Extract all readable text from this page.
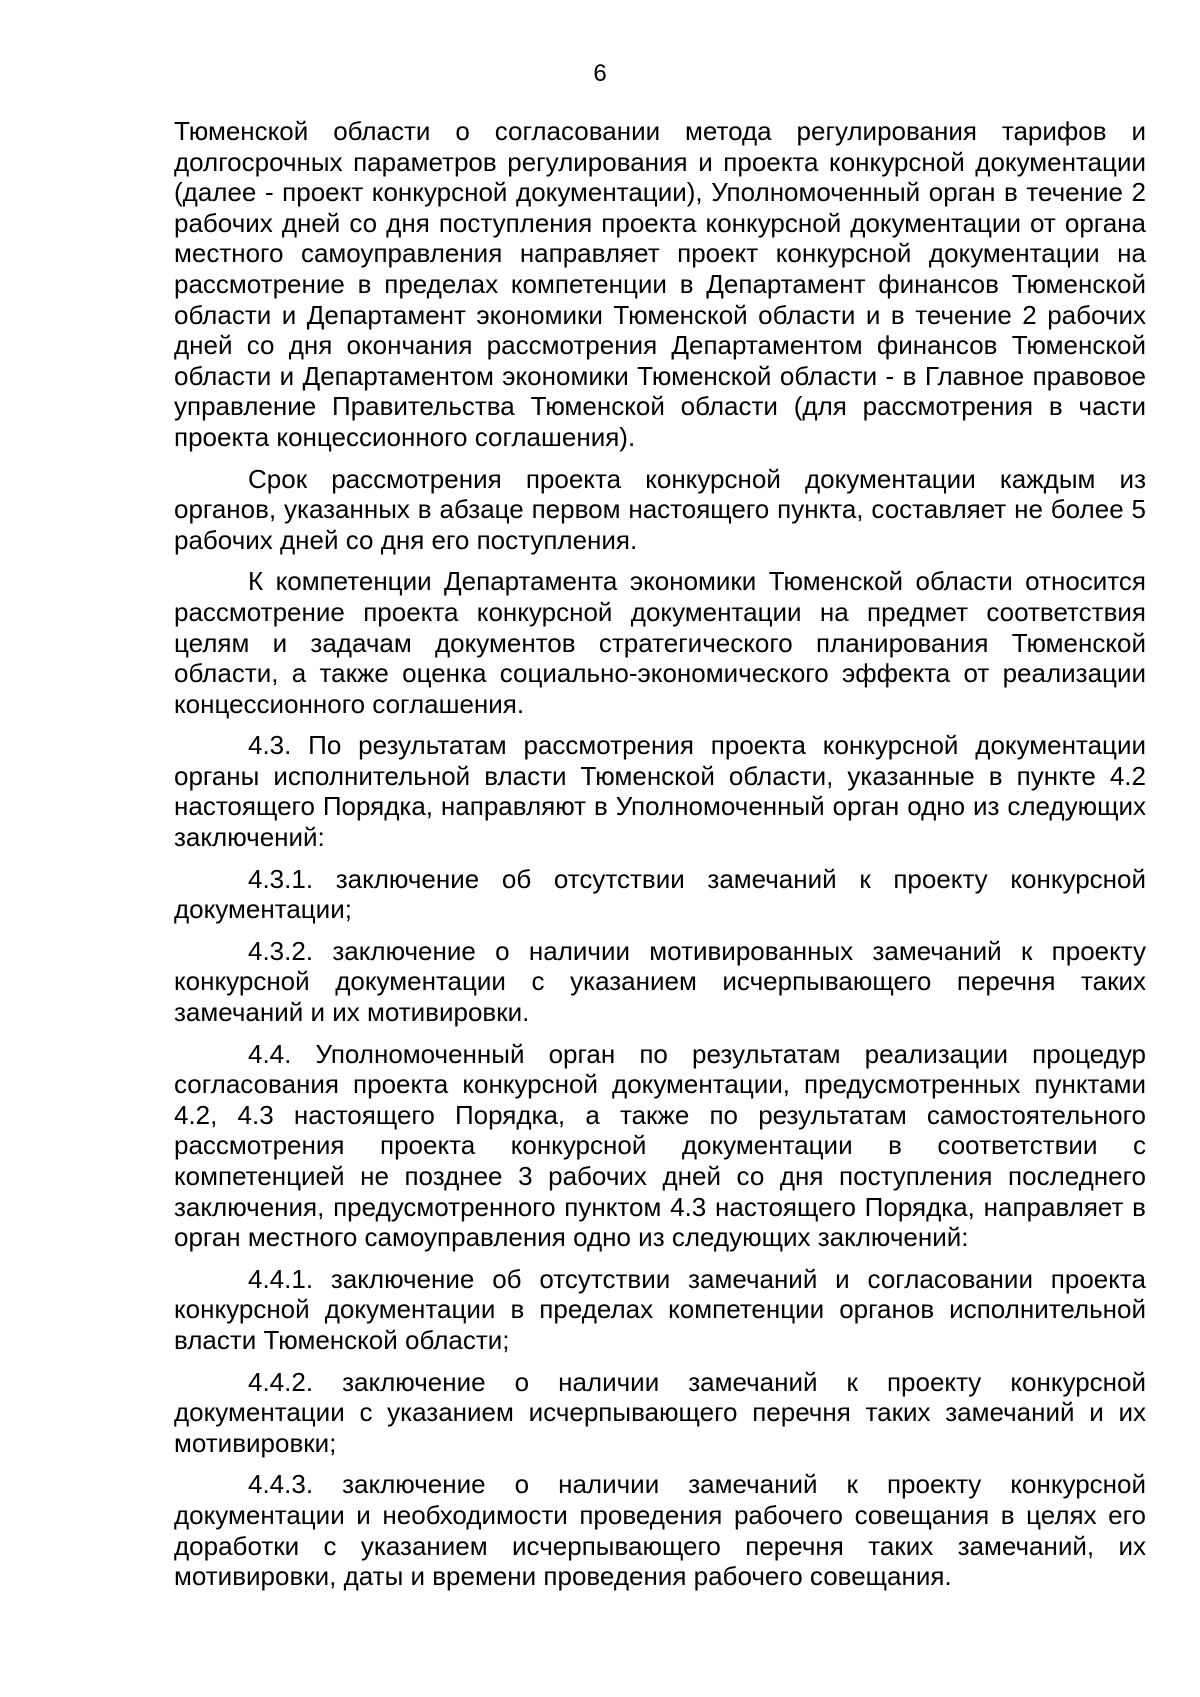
6

Тюменской области о согласовании метода регулирования тарифов и долгосрочных параметров регулирования и проекта конкурсной документации (далее - проект конкурсной документации), Уполномоченный орган в течение 2 рабочих дней со дня поступления проекта конкурсной документации от органа местного самоуправления направляет проект конкурсной документации на рассмотрение в пределах компетенции в Департамент финансов Тюменской области и Департамент экономики Тюменской области и в течение 2 рабочих дней со дня окончания рассмотрения Департаментом финансов Тюменской области и Департаментом экономики Тюменской области - в Главное правовое управление Правительства Тюменской области (для рассмотрения в части проекта концессионного соглашения).

Срок рассмотрения проекта конкурсной документации каждым из органов, указанных в абзаце первом настоящего пункта, составляет не более 5 рабочих дней со дня его поступления.

К компетенции Департамента экономики Тюменской области относится рассмотрение проекта конкурсной документации на предмет соответствия целям и задачам документов стратегического планирования Тюменской области, а также оценка социально-экономического эффекта от реализации концессионного соглашения.

4.3. По результатам рассмотрения проекта конкурсной документации органы исполнительной власти Тюменской области, указанные в пункте 4.2 настоящего Порядка, направляют в Уполномоченный орган одно из следующих заключений:

4.3.1. заключение об отсутствии замечаний к проекту конкурсной документации;

4.3.2. заключение о наличии мотивированных замечаний к проекту конкурсной документации с указанием исчерпывающего перечня таких замечаний и их мотивировки.

4.4. Уполномоченный орган по результатам реализации процедур согласования проекта конкурсной документации, предусмотренных пунктами 4.2, 4.3 настоящего Порядка, а также по результатам самостоятельного рассмотрения проекта конкурсной документации в соответствии с компетенцией не позднее 3 рабочих дней со дня поступления последнего заключения, предусмотренного пунктом 4.3 настоящего Порядка, направляет в орган местного самоуправления одно из следующих заключений:

4.4.1. заключение об отсутствии замечаний и согласовании проекта конкурсной документации в пределах компетенции органов исполнительной власти Тюменской области;

4.4.2. заключение о наличии замечаний к проекту конкурсной документации с указанием исчерпывающего перечня таких замечаний и их мотивировки;

4.4.3. заключение о наличии замечаний к проекту конкурсной документации и необходимости проведения рабочего совещания в целях его доработки с указанием исчерпывающего перечня таких замечаний, их мотивировки, даты и времени проведения рабочего совещания.
